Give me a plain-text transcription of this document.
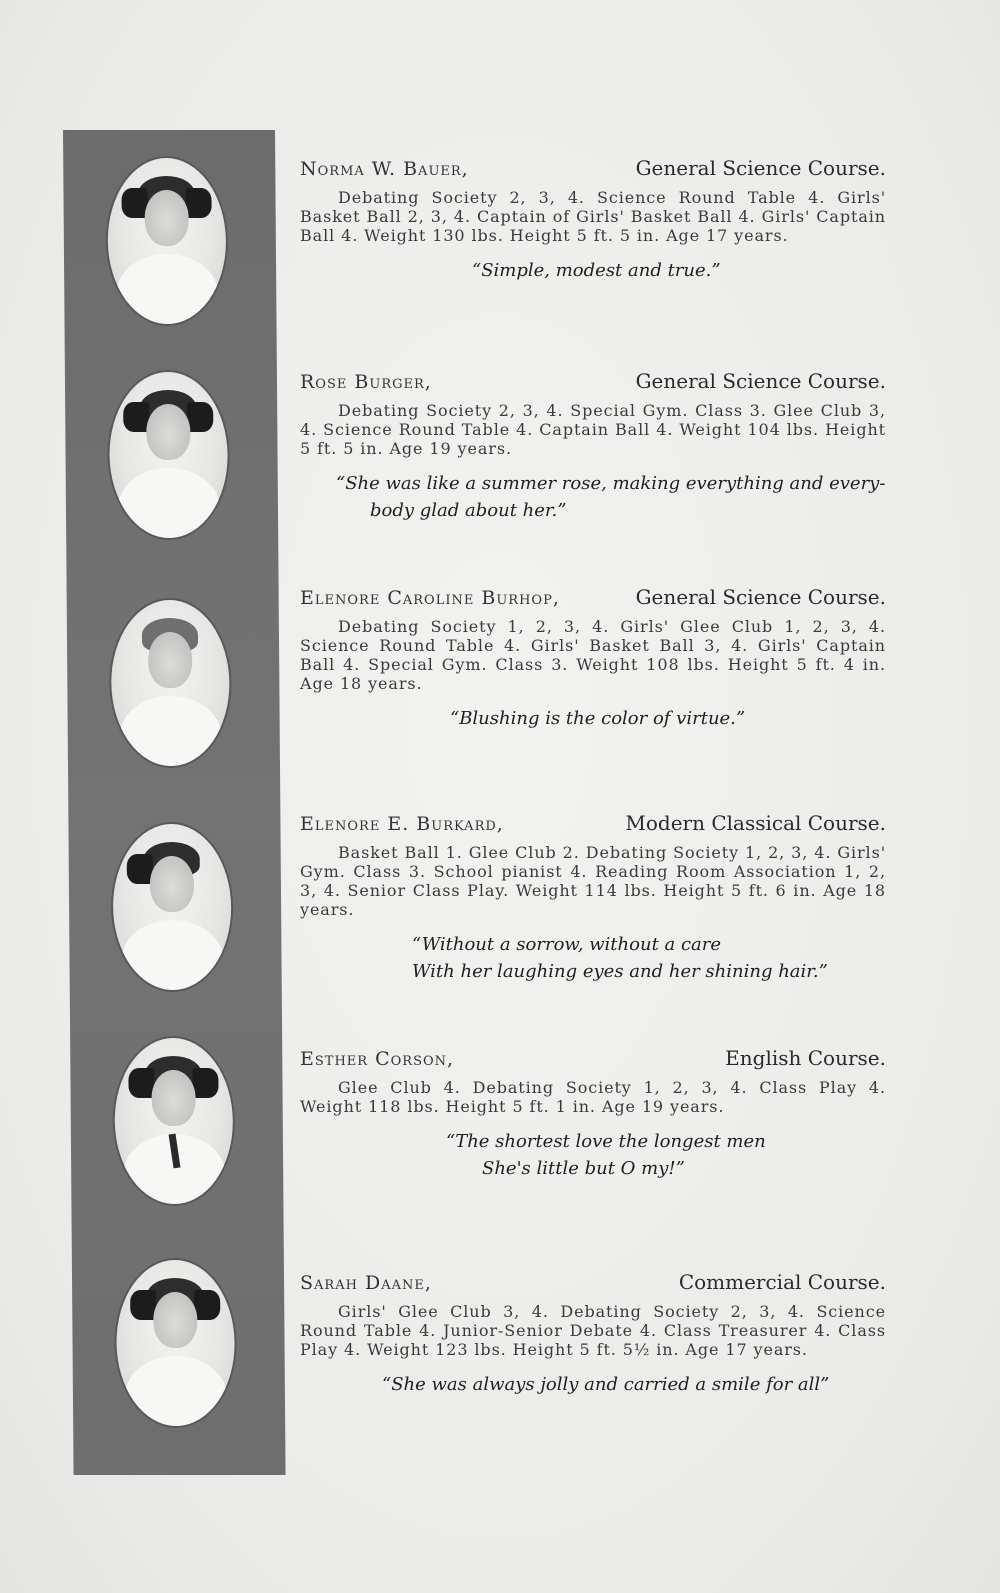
Norma W. Bauer,	General Science Course.
Debating Society 2, 3, 4. Science Round Table 4. Girls' Basket Ball 2, 3, 4. Captain of Girls' Basket Ball 4. Girls' Captain Ball 4. Weight 130 lbs. Height 5 ft. 5 in. Age 17 years.
“Simple, modest and true.”
Rose Burger,	General Science Course.
Debating Society 2, 3, 4. Special Gym. Class 3. Glee Club 3, 4. Science Round Table 4. Captain Ball 4. Weight 104 lbs. Height 5 ft. 5 in. Age 19 years.
“She was like a summer rose, making everything and every-
body glad about her.”
Elenore Caroline Burhop,	General Science Course.
Debating Society 1, 2, 3, 4. Girls' Glee Club 1, 2, 3, 4. Science Round Table 4. Girls' Basket Ball 3, 4. Girls' Captain Ball 4. Special Gym. Class 3. Weight 108 lbs. Height 5 ft. 4 in. Age 18 years.
“Blushing is the color of virtue.”
Elenore E. Burkard,	Modern Classical Course.
Basket Ball 1. Glee Club 2. Debating Society 1, 2, 3, 4. Girls' Gym. Class 3. School pianist 4. Reading Room Association 1, 2, 3, 4. Senior Class Play. Weight 114 lbs. Height 5 ft. 6 in. Age 18 years.
“Without a sorrow, without a care
With her laughing eyes and her shining hair.”
Esther Corson,	English Course.
Glee Club 4. Debating Society 1, 2, 3, 4. Class Play 4. Weight 118 lbs. Height 5 ft. 1 in. Age 19 years.
“The shortest love the longest men
She's little but O my!”
Sarah Daane,	Commercial Course.
Girls' Glee Club 3, 4. Debating Society 2, 3, 4. Science Round Table 4. Junior-Senior Debate 4. Class Treasurer 4. Class Play 4. Weight 123 lbs. Height 5 ft. 5½ in. Age 17 years.
“She was always jolly and carried a smile for all”
